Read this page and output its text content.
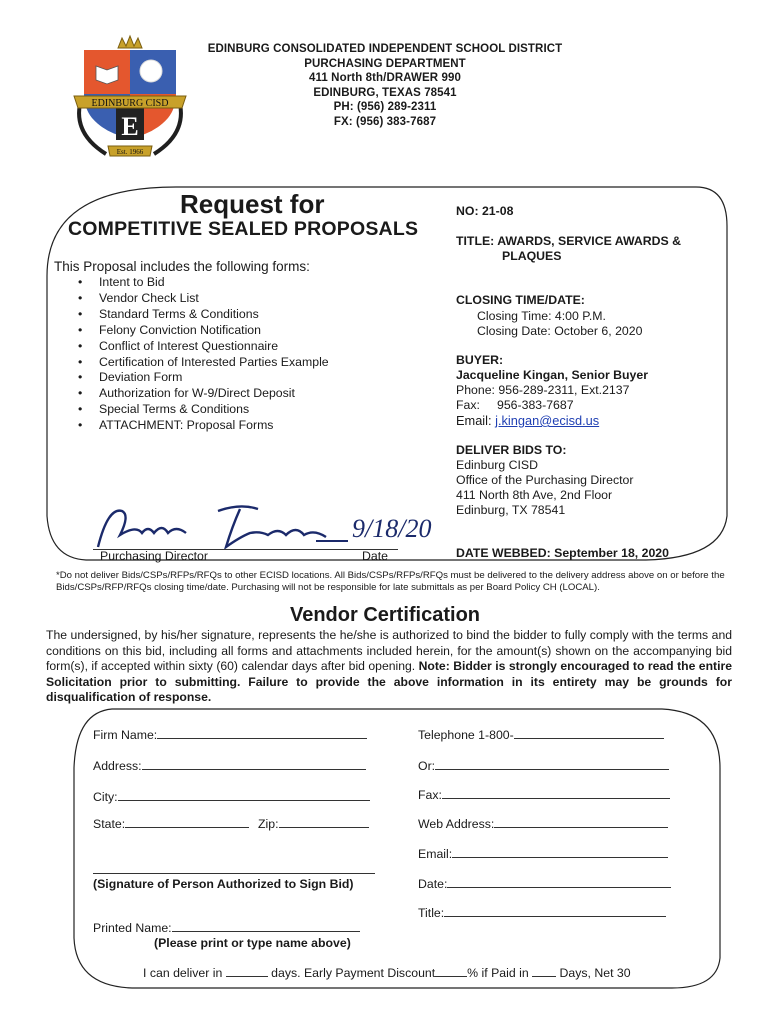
EDINBURG CISD
E
Est. 1966
EDINBURG CONSOLIDATED INDEPENDENT SCHOOL DISTRICT
PURCHASING DEPARTMENT
411 North 8th/DRAWER 990
EDINBURG, TEXAS 78541
PH: (956) 289-2311
FX: (956) 383-7687
Request for
COMPETITIVE SEALED PROPOSALS
This Proposal includes the following forms:
• Intent to Bid
• Vendor Check List
• Standard Terms & Conditions
• Felony Conviction Notification
• Conflict of Interest Questionnaire
• Certification of Interested Parties Example
• Deviation Form
• Authorization for W-9/Direct Deposit
• Special Terms & Conditions
• ATTACHMENT: Proposal Forms
NO: 21-08
TITLE: AWARDS, SERVICE AWARDS &
PLAQUES
CLOSING TIME/DATE:
Closing Time: 4:00 P.M.
Closing Date: October 6, 2020
BUYER:
Jacqueline Kingan, Senior Buyer
Phone: 956-289-2311, Ext.2137
Fax:     956-383-7687
Email: j.kingan@ecisd.us
DELIVER BIDS TO:
Edinburg CISD
Office of the Purchasing Director
411 North 8th Ave, 2nd Floor
Edinburg, TX 78541
9/18/20
Purchasing Director	Date	DATE WEBBED: September 18, 2020
*Do not deliver Bids/CSPs/RFPs/RFQs to other ECISD locations. All Bids/CSPs/RFPs/RFQs must be delivered to the delivery address above on or before the Bids/CSPs/RFP/RFQs closing time/date. Purchasing will not be responsible for late submittals as per Board Policy CH (LOCAL).
Vendor Certification
The undersigned, by his/her signature, represents the he/she is authorized to bind the bidder to fully comply with the terms and conditions on this bid, including all forms and attachments included herein, for the amount(s) shown on the accompanying bid form(s), if accepted within sixty (60) calendar days after bid opening. Note: Bidder is strongly encouraged to read the entire Solicitation prior to submitting. Failure to provide the above information in its entirety may be grounds for disqualification of response.
Firm Name:
Address:
City:
State:	Zip:
(Signature of Person Authorized to Sign Bid)
Printed Name:
(Please print or type name above)
Telephone 1-800-
Or:
Fax:
Web Address:
Email:
Date:
Title:
I can deliver in	days. Early Payment Discount	% if Paid in	Days, Net 30
